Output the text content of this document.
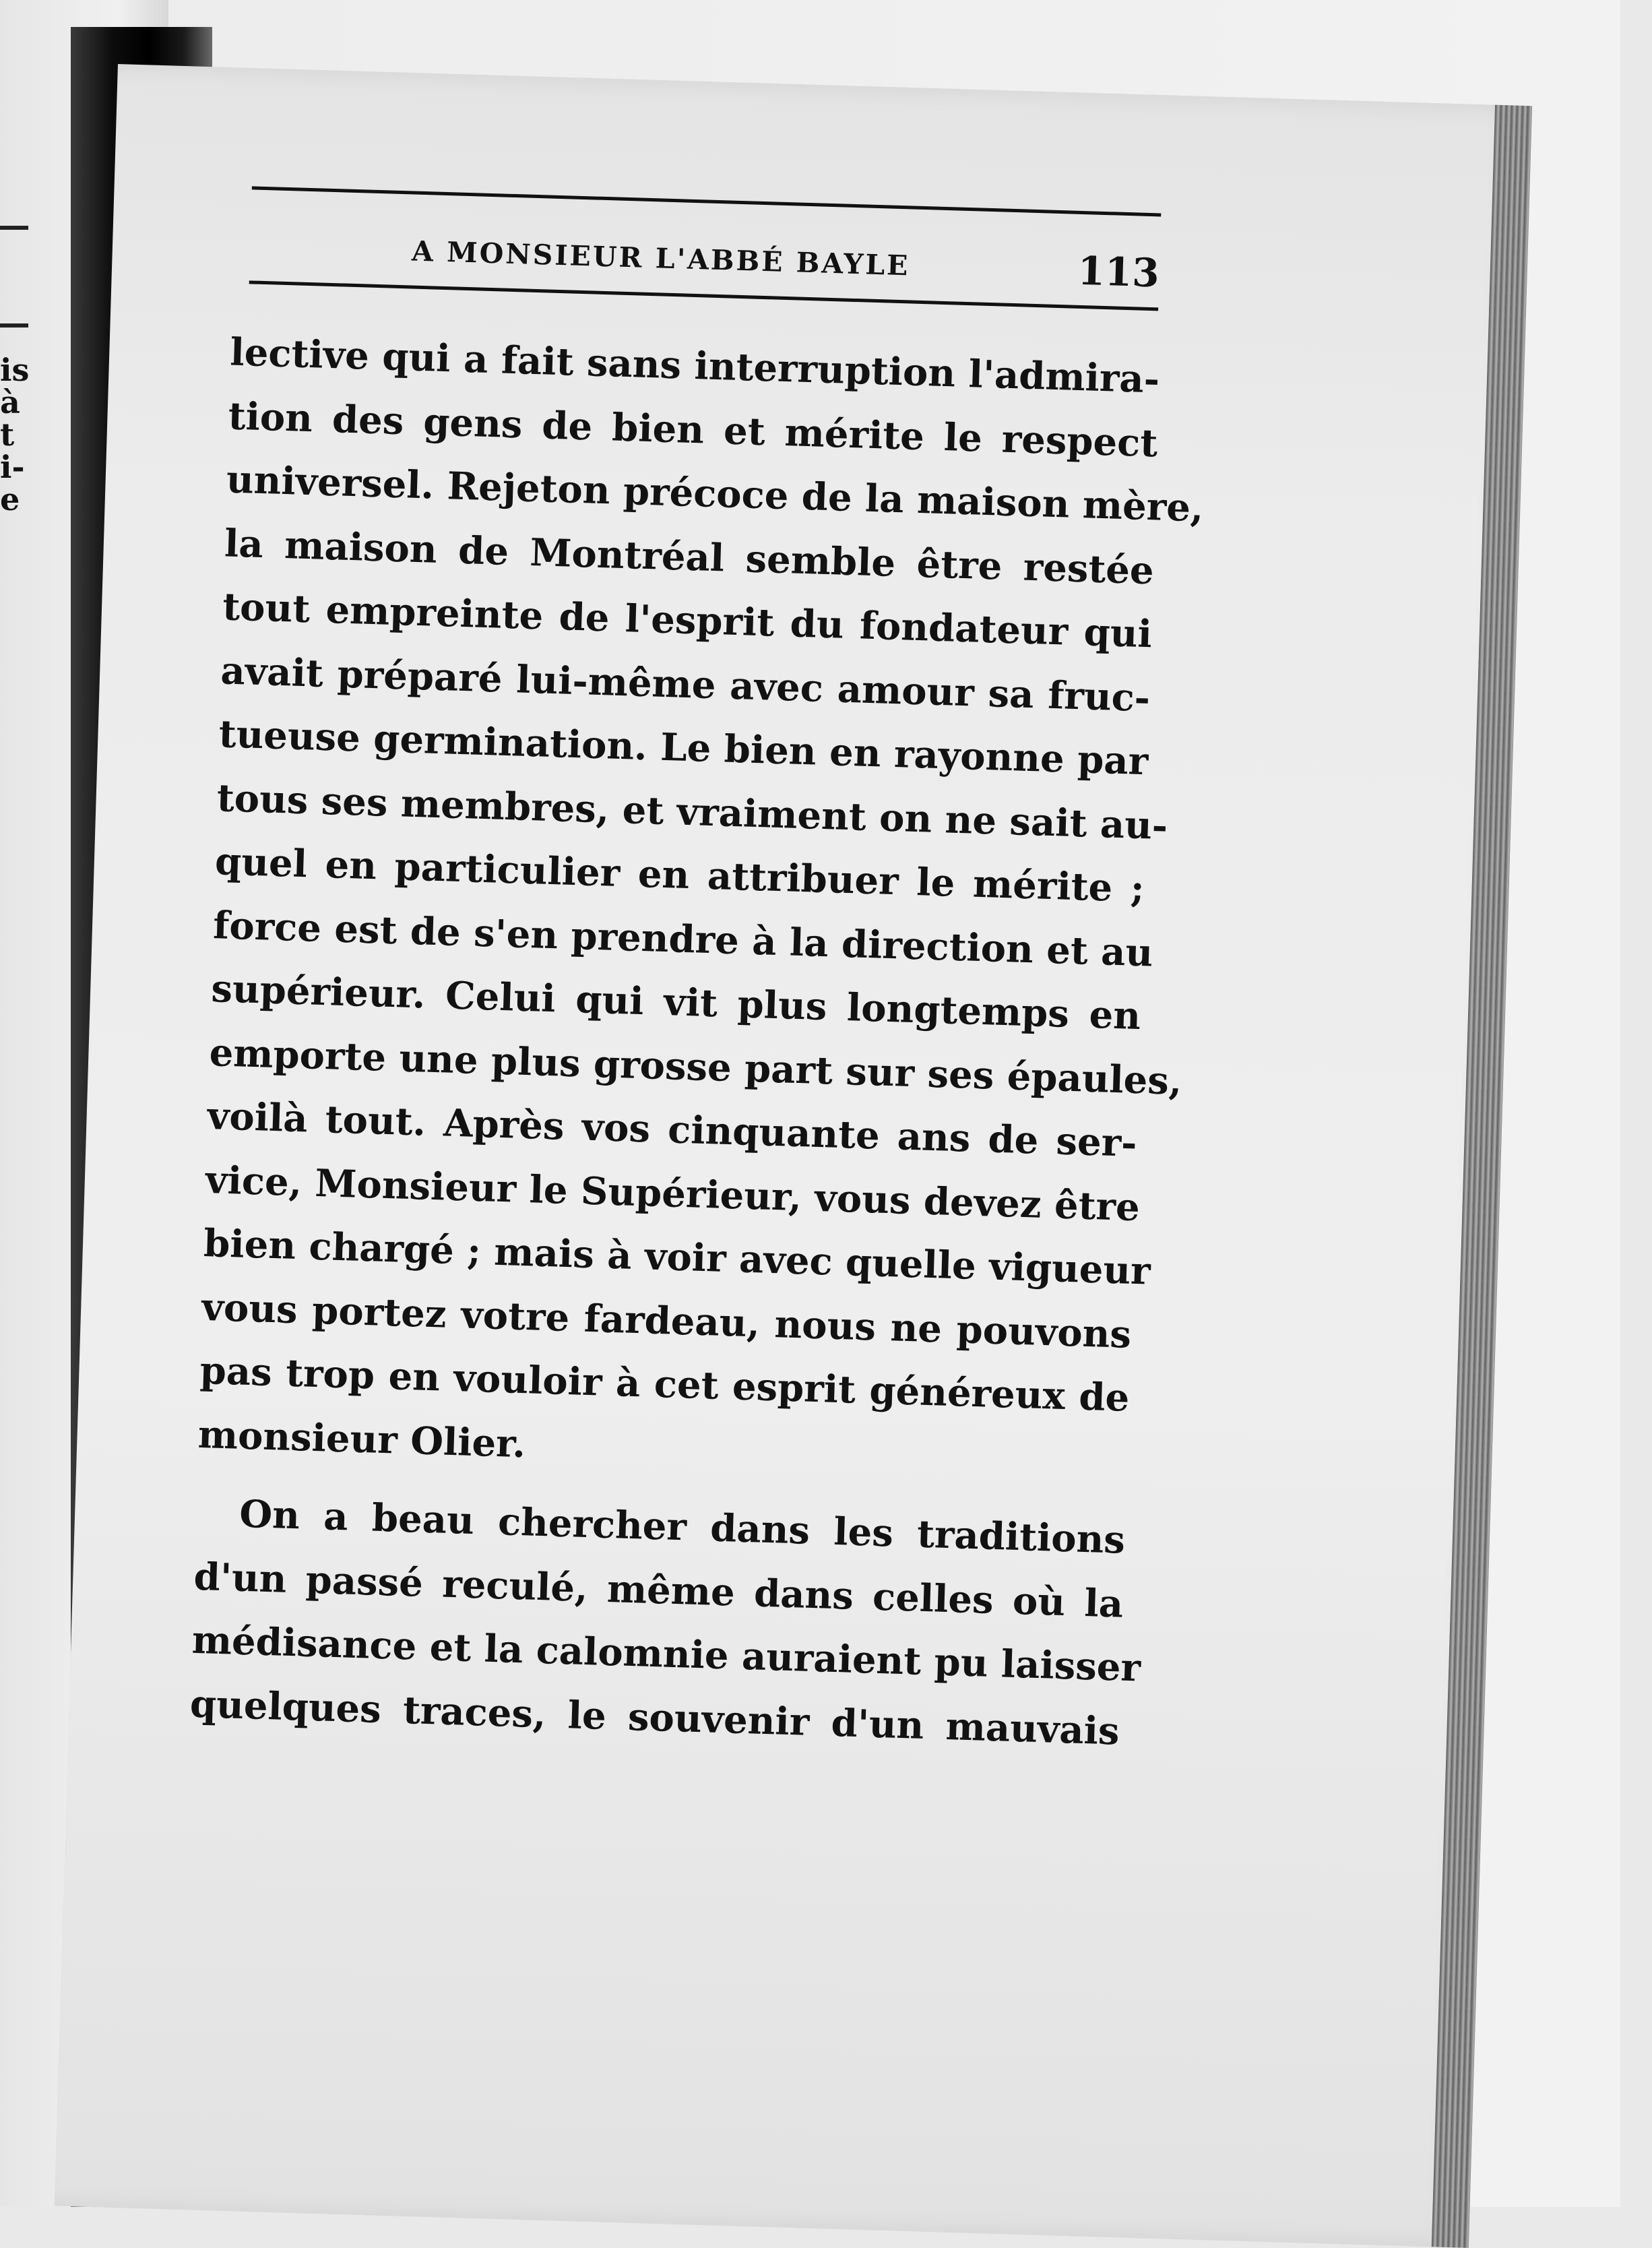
is
à
t
i-
e
A MONSIEUR L'ABBÉ BAYLE	113
lective qui a fait sans interruption l'admira-
tion des gens de bien et mérite le respect
universel. Rejeton précoce de la maison mère,
la maison de Montréal semble être restée
tout empreinte de l'esprit du fondateur qui
avait préparé lui-même avec amour sa fruc-
tueuse germination. Le bien en rayonne par
tous ses membres, et vraiment on ne sait au-
quel en particulier en attribuer le mérite ;
force est de s'en prendre à la direction et au
supérieur. Celui qui vit plus longtemps en
emporte une plus grosse part sur ses épaules,
voilà tout. Après vos cinquante ans de ser-
vice, Monsieur le Supérieur, vous devez être
bien chargé ; mais à voir avec quelle vigueur
vous portez votre fardeau, nous ne pouvons
pas trop en vouloir à cet esprit généreux de
monsieur Olier.
On a beau chercher dans les traditions
d'un passé reculé, même dans celles où la
médisance et la calomnie auraient pu laisser
quelques traces, le souvenir d'un mauvais
